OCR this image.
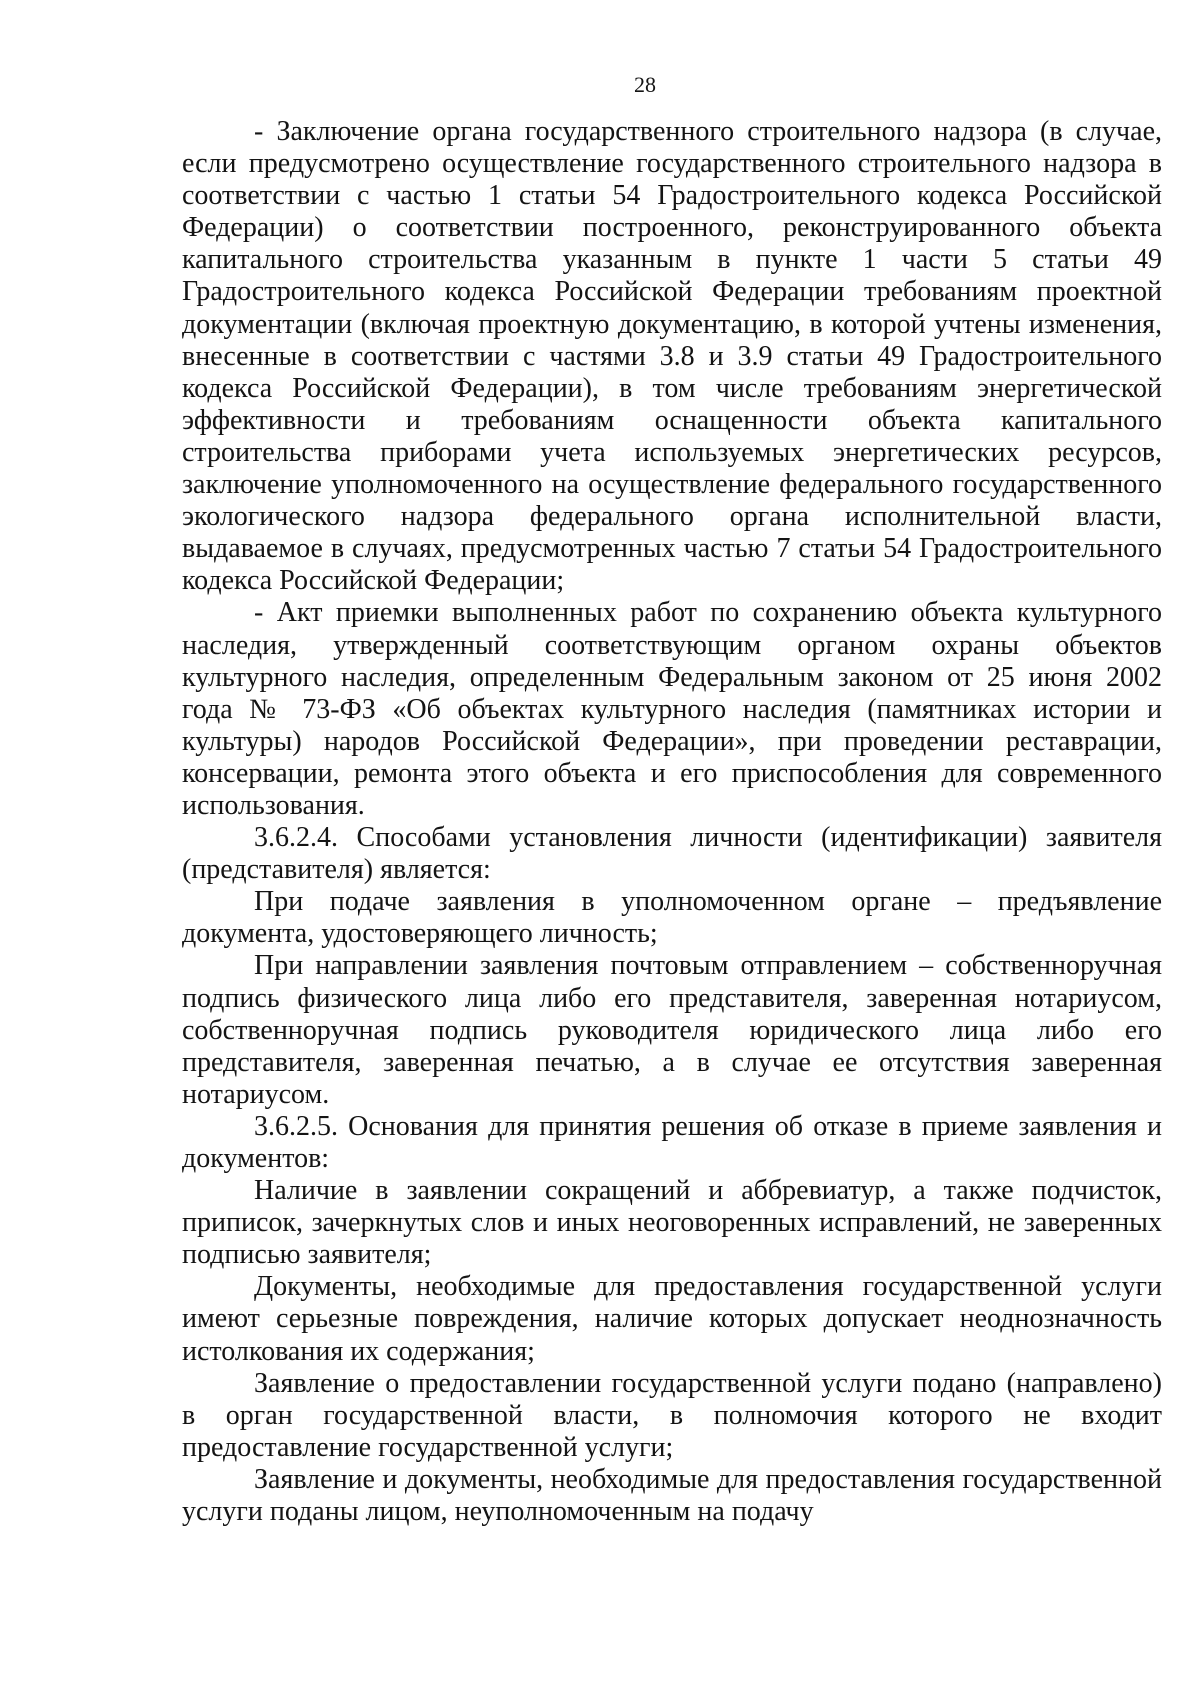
28

- Заключение органа государственного строительного надзора (в случае, если предусмотрено осуществление государственного строительного надзора в соответствии с частью 1 статьи 54 Градостроительного кодекса Российской Федерации) о соответствии построенного, реконструированного объекта капитального строительства указанным в пункте 1 части 5 статьи 49 Градостроительного кодекса Российской Федерации требованиям проектной документации (включая проектную документацию, в которой учтены изменения, внесенные в соответствии с частями 3.8 и 3.9 статьи 49 Градостроительного кодекса Российской Федерации), в том числе требованиям энергетической эффективности и требованиям оснащенности объекта капитального строительства приборами учета используемых энергетических ресурсов, заключение уполномоченного на осуществление федерального государственного экологического надзора федерального органа исполнительной власти, выдаваемое в случаях, предусмотренных частью 7 статьи 54 Градостроительного кодекса Российской Федерации;

- Акт приемки выполненных работ по сохранению объекта культурного наследия, утвержденный соответствующим органом охраны объектов культурного наследия, определенным Федеральным законом от 25 июня 2002 года № 73-ФЗ «Об объектах культурного наследия (памятниках истории и культуры) народов Российской Федерации», при проведении реставрации, консервации, ремонта этого объекта и его приспособления для современного использования.

3.6.2.4. Способами установления личности (идентификации) заявителя (представителя) является:

При подаче заявления в уполномоченном органе – предъявление документа, удостоверяющего личность;

При направлении заявления почтовым отправлением – собственноручная подпись физического лица либо его представителя, заверенная нотариусом, собственноручная подпись руководителя юридического лица либо его представителя, заверенная печатью, а в случае ее отсутствия заверенная нотариусом.

3.6.2.5. Основания для принятия решения об отказе в приеме заявления и документов:

Наличие в заявлении сокращений и аббревиатур, а также подчисток, приписок, зачеркнутых слов и иных неоговоренных исправлений, не заверенных подписью заявителя;

Документы, необходимые для предоставления государственной услуги имеют серьезные повреждения, наличие которых допускает неоднозначность истолкования их содержания;

Заявление о предоставлении государственной услуги подано (направлено) в орган государственной власти, в полномочия которого не входит предоставление государственной услуги;

Заявление и документы, необходимые для предоставления государственной услуги поданы лицом, неуполномоченным на подачу
